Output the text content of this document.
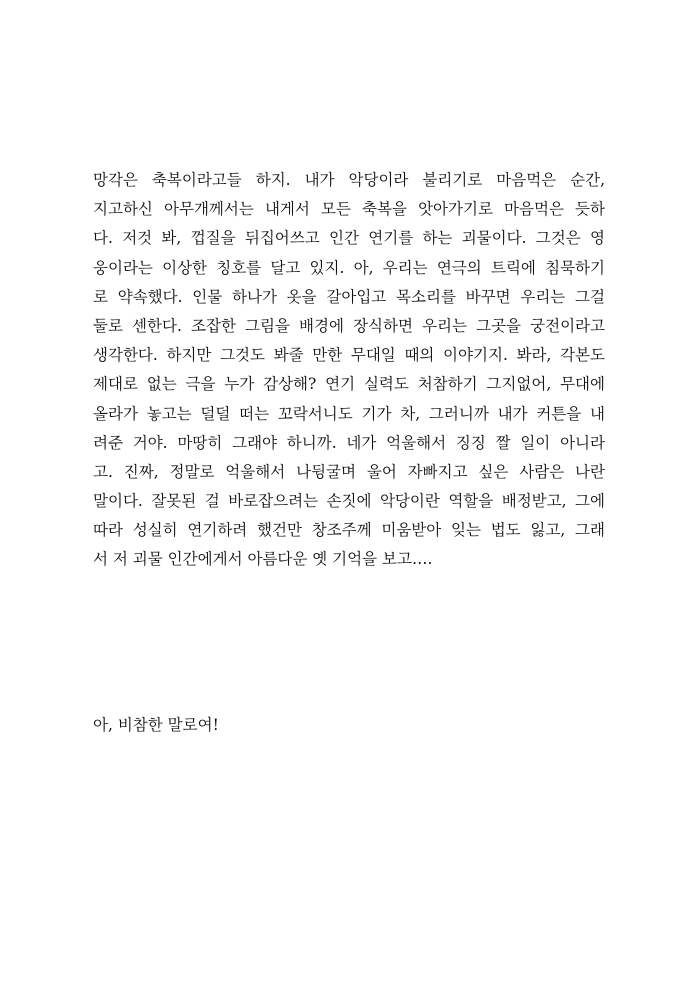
망각은 축복이라고들 하지. 내가 악당이라 불리기로 마음먹은 순간,
지고하신 아무개께서는 내게서 모든 축복을 앗아가기로 마음먹은 듯하
다. 저것 봐, 껍질을 뒤집어쓰고 인간 연기를 하는 괴물이다. 그것은 영
웅이라는 이상한 칭호를 달고 있지. 아, 우리는 연극의 트릭에 침묵하기
로 약속했다. 인물 하나가 옷을 갈아입고 목소리를 바꾸면 우리는 그걸
둘로 센한다. 조잡한 그림을 배경에 장식하면 우리는 그곳을 궁전이라고
생각한다. 하지만 그것도 봐줄 만한 무대일 때의 이야기지. 봐라, 각본도
제대로 없는 극을 누가 감상해? 연기 실력도 처참하기 그지없어, 무대에
올라가 놓고는 덜덜 떠는 꼬락서니도 기가 차, 그러니까 내가 커튼을 내
려준 거야. 마땅히 그래야 하니까. 네가 억울해서 징징 짤 일이 아니라
고. 진짜, 정말로 억울해서 나뒹굴며 울어 자빠지고 싶은 사람은 나란
말이다. 잘못된 걸 바로잡으려는 손짓에 악당이란 역할을 배정받고, 그에
따라 성실히 연기하려 했건만 창조주께 미움받아 잊는 법도 잃고, 그래
서 저 괴물 인간에게서 아름다운 옛 기억을 보고….

아, 비참한 말로여!
